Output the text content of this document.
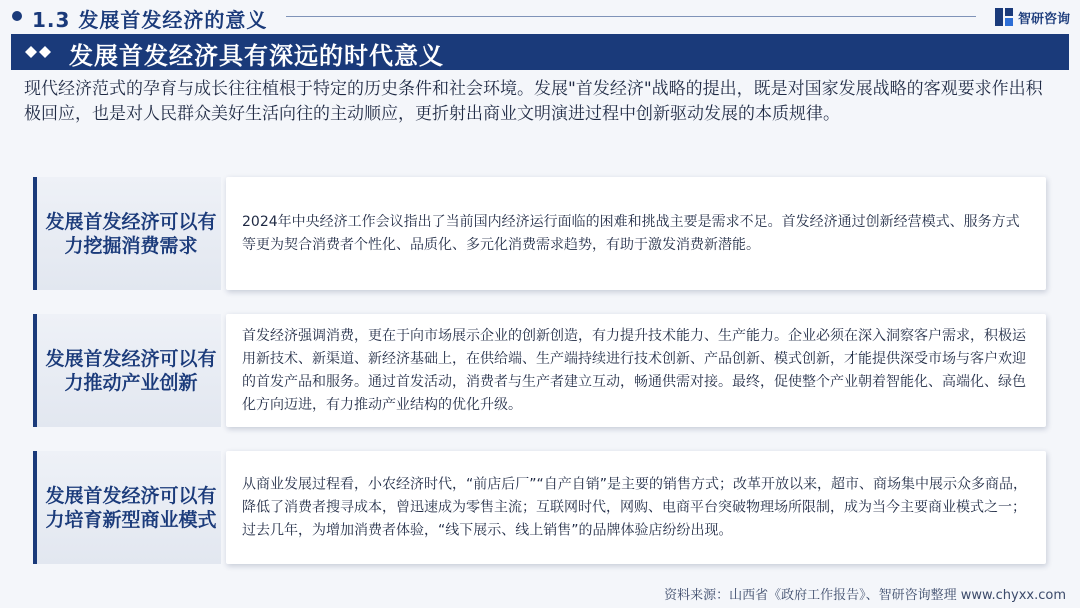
1.3 发展首发经济的意义	智研咨询
发展首发经济具有深远的时代意义
现代经济范式的孕育与成长往往植根于特定的历史条件和社会环境。发展"首发经济"战略的提出，既是对国家发展战略的客观要求作出积极回应，也是对人民群众美好生活向往的主动顺应，更折射出商业文明演进过程中创新驱动发展的本质规律。
发展首发经济可以有力挖掘消费需求
2024年中央经济工作会议指出了当前国内经济运行面临的困难和挑战主要是需求不足。首发经济通过创新经营模式、服务方式等更为契合消费者个性化、品质化、多元化消费需求趋势，有助于激发消费新潜能。
发展首发经济可以有力推动产业创新
首发经济强调消费，更在于向市场展示企业的创新创造，有力提升技术能力、生产能力。企业必须在深入洞察客户需求，积极运用新技术、新渠道、新经济基础上，在供给端、生产端持续进行技术创新、产品创新、模式创新，才能提供深受市场与客户欢迎的首发产品和服务。通过首发活动，消费者与生产者建立互动，畅通供需对接。最终，促使整个产业朝着智能化、高端化、绿色化方向迈进，有力推动产业结构的优化升级。
发展首发经济可以有力培育新型商业模式
从商业发展过程看，小农经济时代，“前店后厂”“自产自销”是主要的销售方式；改革开放以来，超市、商场集中展示众多商品，降低了消费者搜寻成本，曾迅速成为零售主流；互联网时代，网购、电商平台突破物理场所限制，成为当今主要商业模式之一；过去几年，为增加消费者体验，“线下展示、线上销售”的品牌体验店纷纷出现。
资料来源：山西省《政府工作报告》、智研咨询整理 www.chyxx.com
